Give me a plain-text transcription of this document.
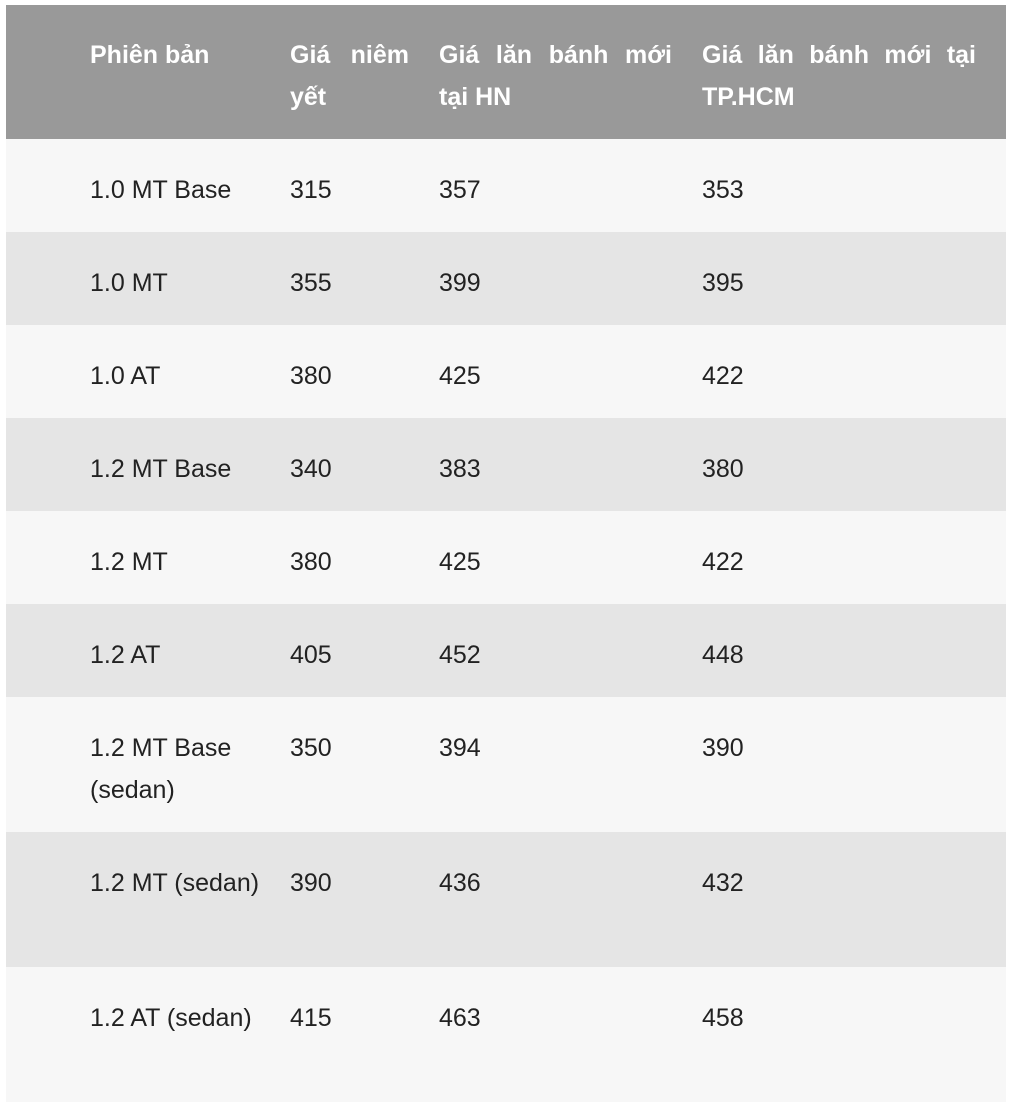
	Phiên bản	Giá niêm yết	Giá lăn bánh mới tại HN	Giá lăn bánh mới tại TP.HCM
	1.0 MT Base	315	357	353
	1.0 MT	355	399	395
	1.0 AT	380	425	422
	1.2 MT Base	340	383	380
	1.2 MT	380	425	422
	1.2 AT	405	452	448
	1.2 MT Base (sedan)	350	394	390
	1.2 MT (sedan)	390	436	432
	1.2 AT (sedan)	415	463	458
